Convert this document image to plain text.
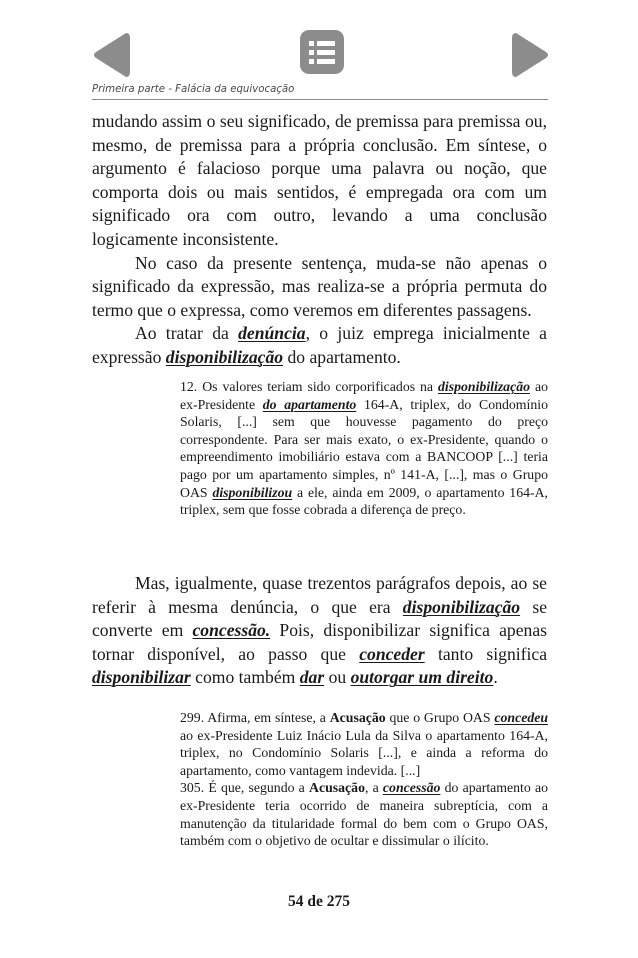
Primeira parte - Falácia da equivocação

mudando assim o seu significado, de premissa para premissa ou, mesmo, de premissa para a própria conclusão. Em síntese, o argumento é falacioso porque uma palavra ou noção, que comporta dois ou mais sentidos, é empregada ora com um significado ora com outro, levando a uma conclusão logicamente inconsistente.

No caso da presente sentença, muda-se não apenas o significado da expressão, mas realiza-se a própria permuta do termo que o expressa, como veremos em diferentes passagens.

Ao tratar da denúncia, o juiz emprega inicialmente a expressão disponibilização do apartamento.

12. Os valores teriam sido corporificados na disponibilização ao ex-Presidente do apartamento 164-A, triplex, do Condomínio Solaris, [...] sem que houvesse pagamento do preço correspondente. Para ser mais exato, o ex-Presidente, quando o empreendimento imobiliário estava com a BANCOOP [...] teria pago por um apartamento simples, nº 141-A, [...], mas o Grupo OAS disponibilizou a ele, ainda em 2009, o apartamento 164-A, triplex, sem que fosse cobrada a diferença de preço.

Mas, igualmente, quase trezentos parágrafos depois, ao se referir à mesma denúncia, o que era disponibilização se converte em concessão. Pois, disponibilizar significa apenas tornar disponível, ao passo que conceder tanto significa disponibilizar como também dar ou outorgar um direito.

299. Afirma, em síntese, a Acusação que o Grupo OAS concedeu ao ex-Presidente Luiz Inácio Lula da Silva o apartamento 164-A, triplex, no Condomínio Solaris [...], e ainda a reforma do apartamento, como vantagem indevida. [...]

305. É que, segundo a Acusação, a concessão do apartamento ao ex-Presidente teria ocorrido de maneira subreptícia, com a manutenção da titularidade formal do bem com o Grupo OAS, também com o objetivo de ocultar e dissimular o ilícito.

54 de 275
